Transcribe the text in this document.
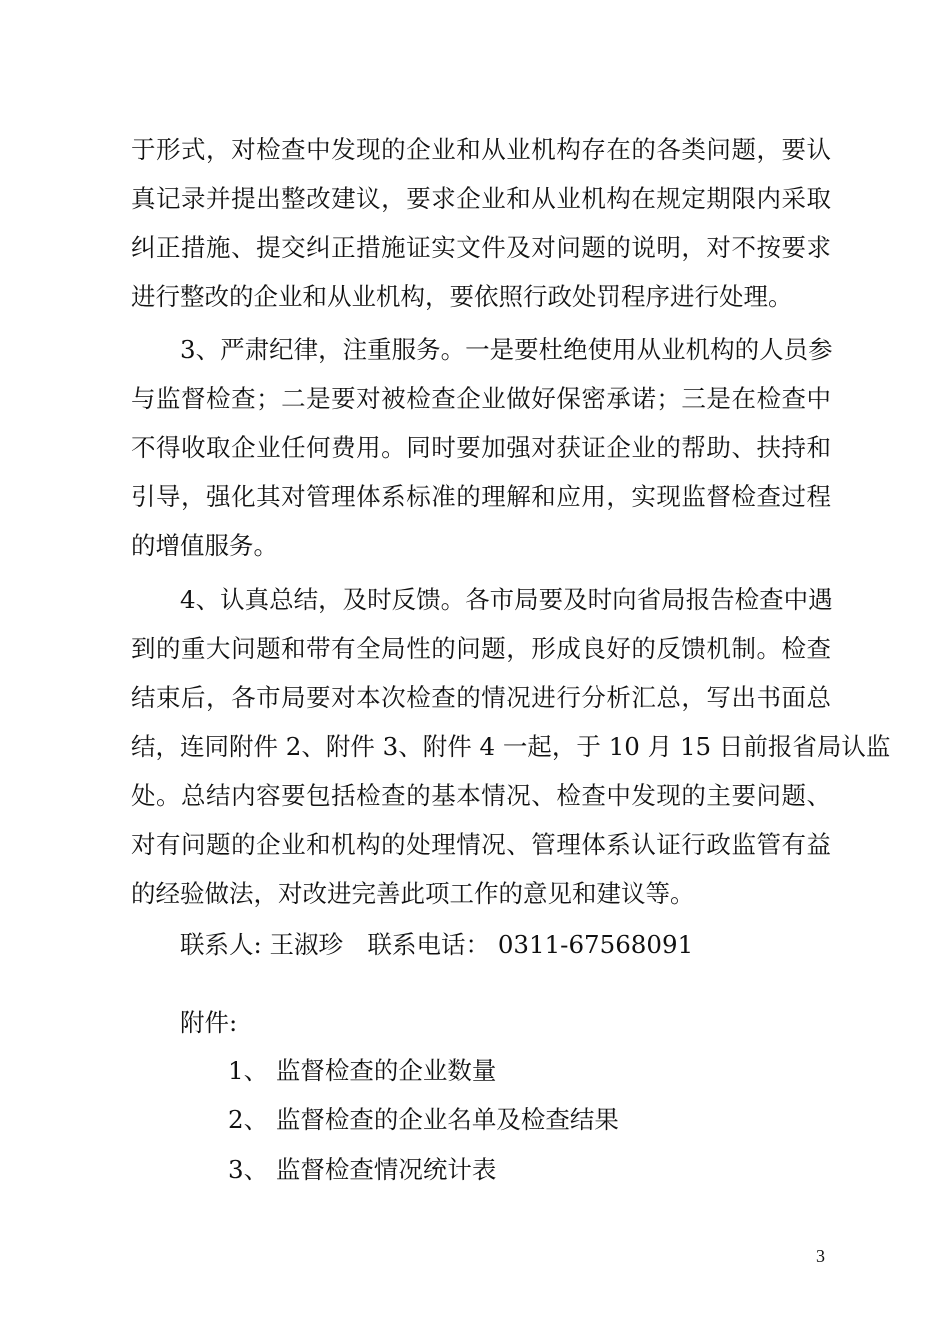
于形式，对检查中发现的企业和从业机构存在的各类问题，要认
真记录并提出整改建议，要求企业和从业机构在规定期限内采取
纠正措施、提交纠正措施证实文件及对问题的说明，对不按要求
进行整改的企业和从业机构，要依照行政处罚程序进行处理。
3、严肃纪律，注重服务。一是要杜绝使用从业机构的人员参
与监督检查；二是要对被检查企业做好保密承诺；三是在检查中
不得收取企业任何费用。同时要加强对获证企业的帮助、扶持和
引导，强化其对管理体系标准的理解和应用，实现监督检查过程
的增值服务。
4、认真总结，及时反馈。各市局要及时向省局报告检查中遇
到的重大问题和带有全局性的问题，形成良好的反馈机制。检查
结束后，各市局要对本次检查的情况进行分析汇总，写出书面总
结，连同附件 2、附件 3、附件 4 一起，于 10 月 15 日前报省局认监
处。总结内容要包括检查的基本情况、检查中发现的主要问题、
对有问题的企业和机构的处理情况、管理体系认证行政监管有益
的经验做法，对改进完善此项工作的意见和建议等。
联系人: 王淑珍　联系电话： 0311-67568091
附件:
1、 监督检查的企业数量
2、 监督检查的企业名单及检查结果
3、 监督检查情况统计表
3
